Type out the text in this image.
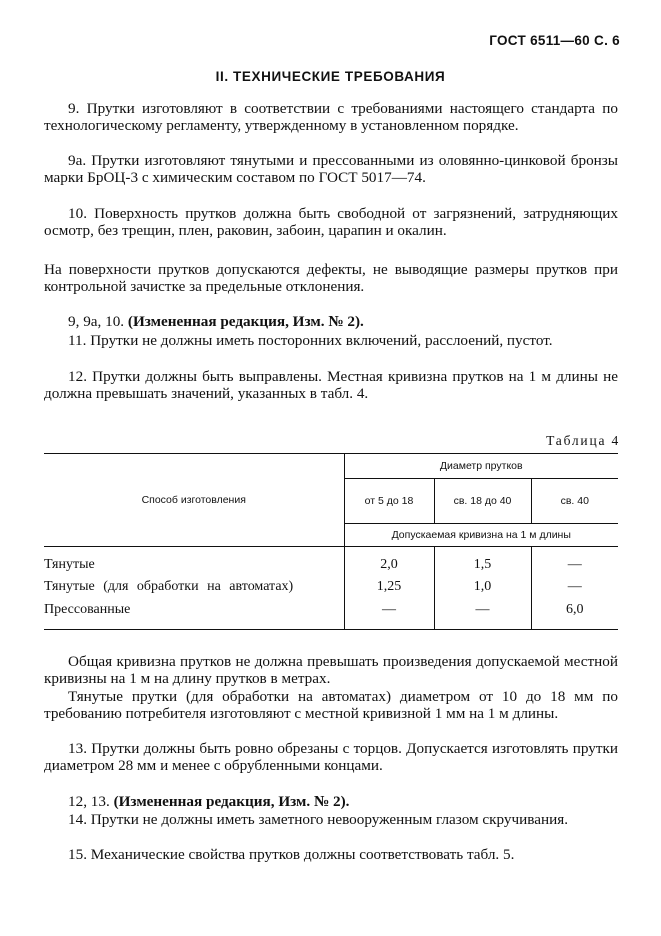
ГОСТ 6511—60 С. 6
II. ТЕХНИЧЕСКИЕ ТРЕБОВАНИЯ

9. Прутки изготовляют в соответствии с требованиями настоящего стандарта по технологическому регламенту, утвержденному в установленном порядке.

9а. Прутки изготовляют тянутыми и прессованными из оловянно-цинковой бронзы марки БрОЦ-3 с химическим составом по ГОСТ 5017—74.

10. Поверхность прутков должна быть свободной от загрязнений, затрудняющих осмотр, без трещин, плен, раковин, забоин, царапин и окалин.

На поверхности прутков допускаются дефекты, не выводящие размеры прутков при контрольной зачистке за предельные отклонения.

9, 9а, 10. (Измененная редакция, Изм. № 2).

11. Прутки не должны иметь посторонних включений, расслоений, пустот.

12. Прутки должны быть выправлены. Местная кривизна прутков на 1 м длины не должна превышать значений, указанных в табл. 4.

Таблица 4
Способ изготовления	Диаметр прутков		
	от 5 до 18	св. 18 до 40	св. 40
	Допускаемая кривизна на 1 м длины		
Тянутые	2,0	1,5	—
Тянутые (для обработки на автоматах)	1,25	1,0	—
Прессованные	—	—	6,0

Общая кривизна прутков не должна превышать произведения допускаемой местной кривизны на 1 м на длину прутков в метрах.

Тянутые прутки (для обработки на автоматах) диаметром от 10 до 18 мм по требованию потребителя изготовляют с местной кривизной 1 мм на 1 м длины.

13. Прутки должны быть ровно обрезаны с торцов. Допускается изготовлять прутки диаметром 28 мм и менее с обрубленными концами.

12, 13. (Измененная редакция, Изм. № 2).

14. Прутки не должны иметь заметного невооруженным глазом скручивания.

15. Механические свойства прутков должны соответствовать табл. 5.
